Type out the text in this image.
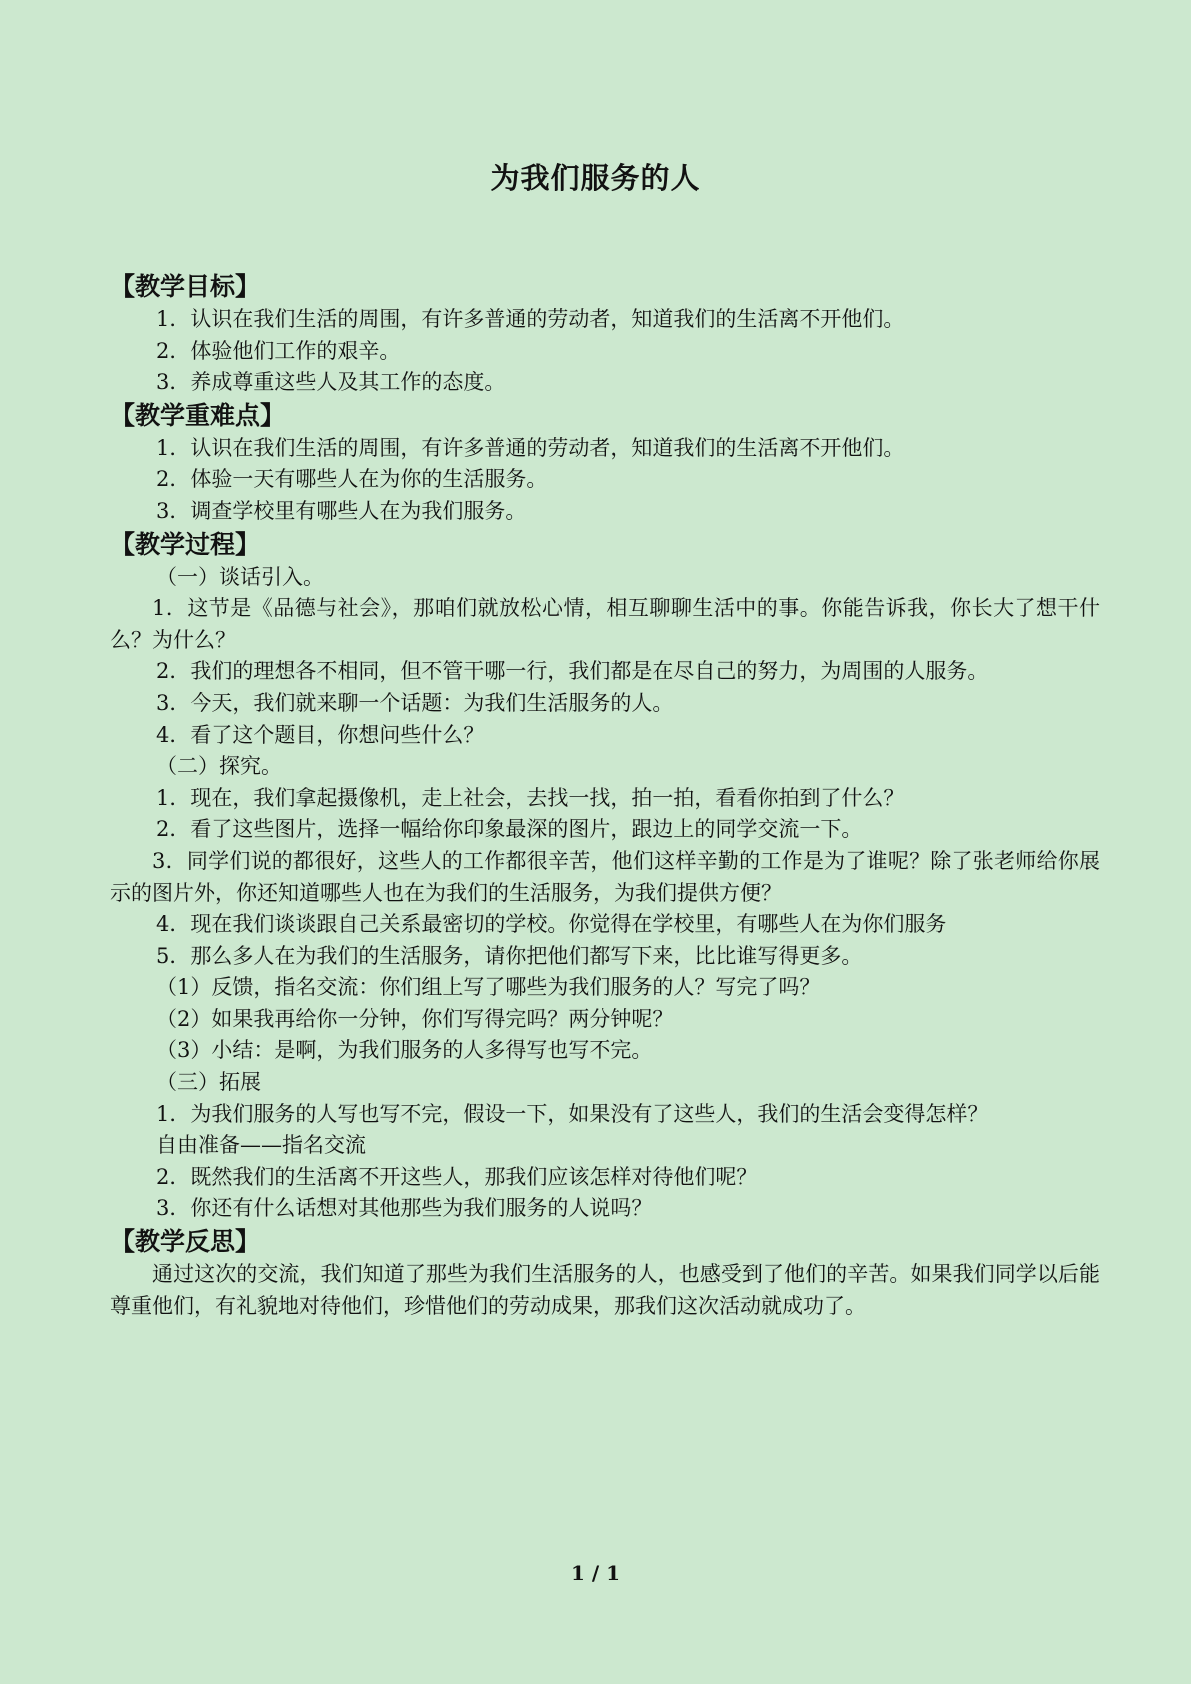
为我们服务的人
【教学目标】
1．认识在我们生活的周围，有许多普通的劳动者，知道我们的生活离不开他们。
2．体验他们工作的艰辛。
3．养成尊重这些人及其工作的态度。
【教学重难点】
1．认识在我们生活的周围，有许多普通的劳动者，知道我们的生活离不开他们。
2．体验一天有哪些人在为你的生活服务。
3．调查学校里有哪些人在为我们服务。
【教学过程】
（一）谈话引入。
1．这节是《品德与社会》，那咱们就放松心情，相互聊聊生活中的事。你能告诉我，你长大了想干什么？为什么？
2．我们的理想各不相同，但不管干哪一行，我们都是在尽自己的努力，为周围的人服务。
3．今天，我们就来聊一个话题：为我们生活服务的人。
4．看了这个题目，你想问些什么？
（二）探究。
1．现在，我们拿起摄像机，走上社会，去找一找，拍一拍，看看你拍到了什么？
2．看了这些图片，选择一幅给你印象最深的图片，跟边上的同学交流一下。
3．同学们说的都很好，这些人的工作都很辛苦，他们这样辛勤的工作是为了谁呢？除了张老师给你展示的图片外，你还知道哪些人也在为我们的生活服务，为我们提供方便？
4．现在我们谈谈跟自己关系最密切的学校。你觉得在学校里，有哪些人在为你们服务
5．那么多人在为我们的生活服务，请你把他们都写下来，比比谁写得更多。
（1）反馈，指名交流：你们组上写了哪些为我们服务的人？写完了吗？
（2）如果我再给你一分钟，你们写得完吗？两分钟呢？
（3）小结：是啊，为我们服务的人多得写也写不完。
（三）拓展
1．为我们服务的人写也写不完，假设一下，如果没有了这些人，我们的生活会变得怎样？
自由准备——指名交流
2．既然我们的生活离不开这些人，那我们应该怎样对待他们呢？
3．你还有什么话想对其他那些为我们服务的人说吗？
【教学反思】
通过这次的交流，我们知道了那些为我们生活服务的人，也感受到了他们的辛苦。如果我们同学以后能尊重他们，有礼貌地对待他们，珍惜他们的劳动成果，那我们这次活动就成功了。
1 / 1
